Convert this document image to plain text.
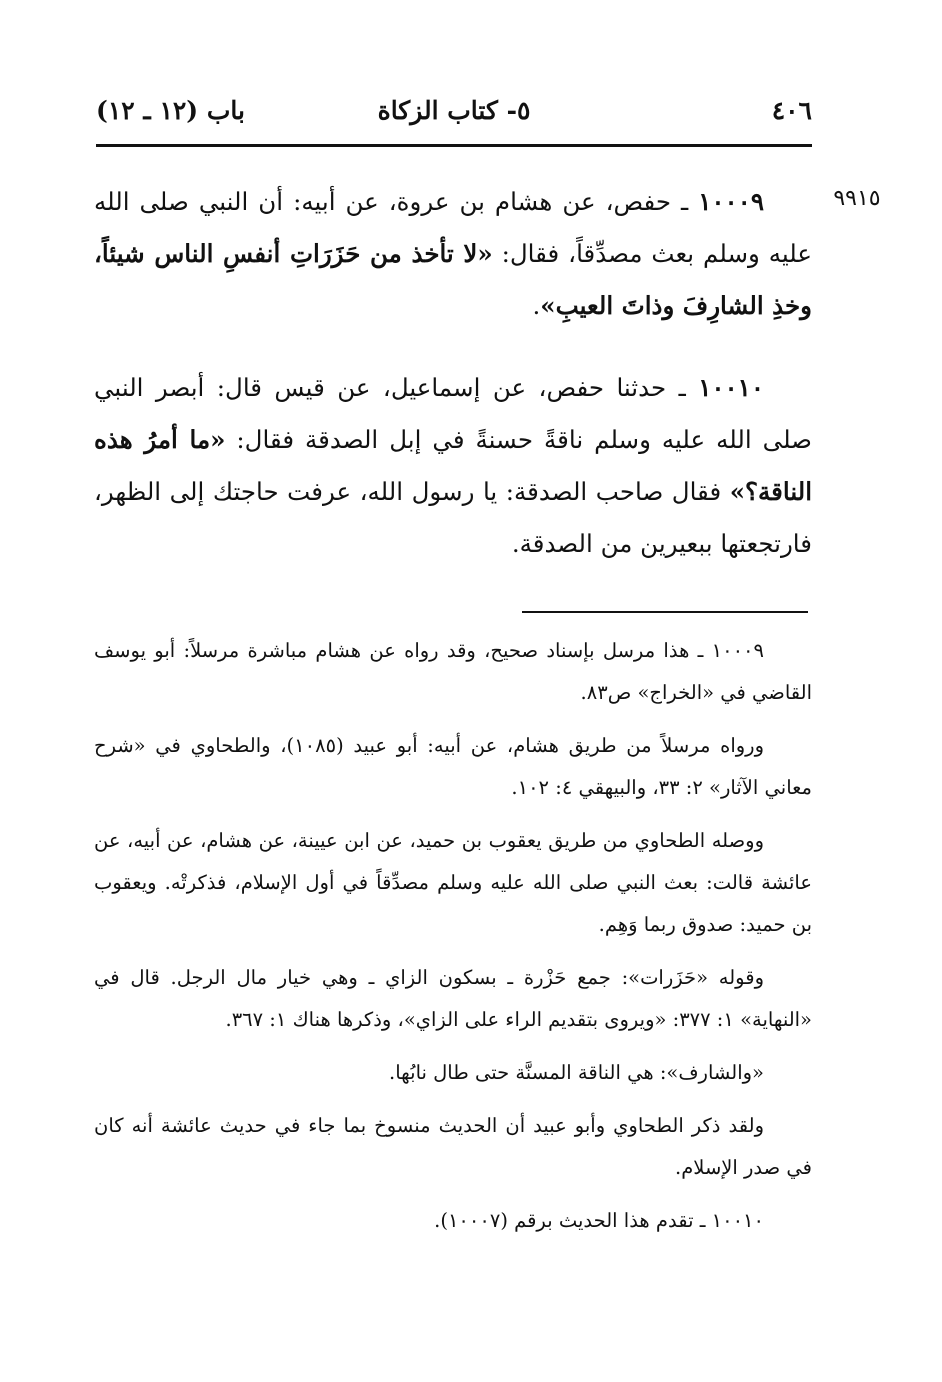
٤٠٦
٥- كتاب الزكاة
باب (١٢ ـ ١٢)
٩٩١٥

١٠٠٠٩ ـ حفص، عن هشام بن عروة، عن أبيه: أن النبي صلى الله عليه وسلم بعث مصدِّقاً، فقال: «لا تأخذ من حَزَرَاتِ أنفسِ الناس شيئاً، وخذِ الشارِفَ وذاتَ العيبِ».

١٠٠١٠ ـ حدثنا حفص، عن إسماعيل، عن قيس قال: أبصر النبي صلى الله عليه وسلم ناقةً حسنةً في إبل الصدقة فقال: «ما أمرُ هذه الناقة؟» فقال صاحب الصدقة: يا رسول الله، عرفت حاجتك إلى الظهر، فارتجعتها ببعيرين من الصدقة.

١٠٠٠٩ ـ هذا مرسل بإسناد صحيح، وقد رواه عن هشام مباشرة مرسلاً: أبو يوسف القاضي في «الخراج» ص٨٣.

ورواه مرسلاً من طريق هشام، عن أبيه: أبو عبيد (١٠٨٥)، والطحاوي في «شرح معاني الآثار» ٢: ٣٣، والبيهقي ٤: ١٠٢.

ووصله الطحاوي من طريق يعقوب بن حميد، عن ابن عيينة، عن هشام، عن أبيه، عن عائشة قالت: بعث النبي صلى الله عليه وسلم مصدِّقاً في أول الإسلام، فذكرتْه. ويعقوب بن حميد: صدوق ربما وَهِم.

وقوله «حَزَرات»: جمع حَزْرة ـ بسكون الزاي ـ وهي خيار مال الرجل. قال في «النهاية» ١: ٣٧٧: «ويروى بتقديم الراء على الزاي»، وذكرها هناك ١: ٣٦٧.

«والشارف»: هي الناقة المسنَّة حتى طال نابُها.

ولقد ذكر الطحاوي وأبو عبيد أن الحديث منسوخ بما جاء في حديث عائشة أنه كان في صدر الإسلام.

١٠٠١٠ ـ تقدم هذا الحديث برقم (١٠٠٠٧).
